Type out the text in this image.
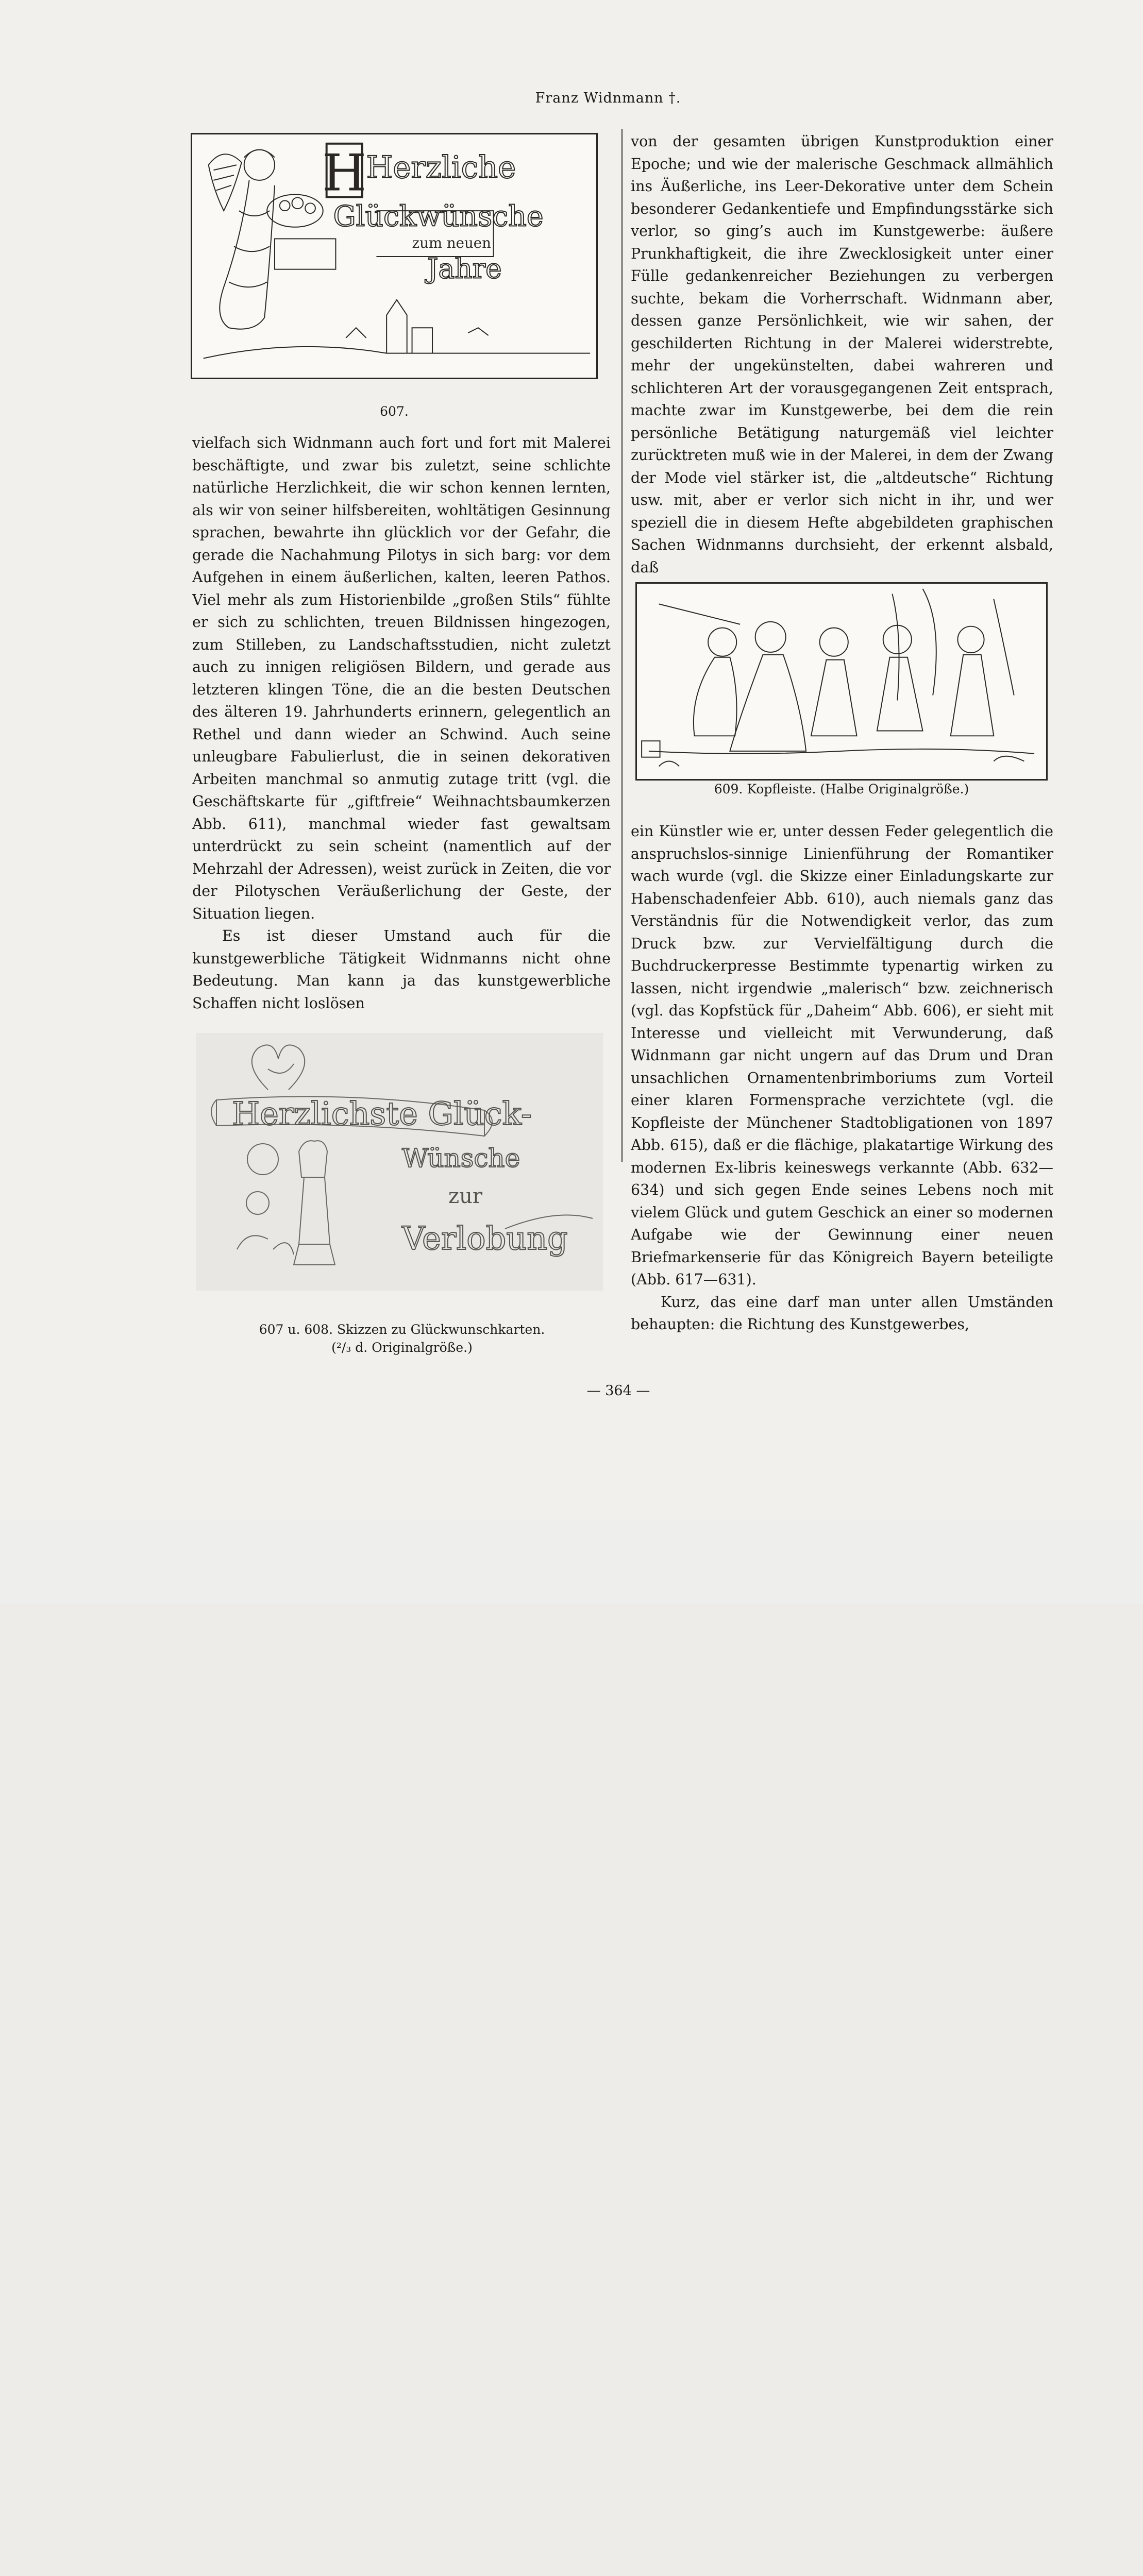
Franz Widnmann †.
H Herzliche
Glückwünsche
zum neuen
Jahre
607.

vielfach sich Widnmann auch fort und fort mit Malerei beschäftigte, und zwar bis zuletzt, seine schlichte natürliche Herzlichkeit, die wir schon kennen lernten, als wir von seiner hilfsbereiten, wohltätigen Gesinnung sprachen, bewahrte ihn glücklich vor der Gefahr, die gerade die Nachahmung Pilotys in sich barg: vor dem Aufgehen in einem äußerlichen, kalten, leeren Pathos. Viel mehr als zum Historienbilde „großen Stils“ fühlte er sich zu schlichten, treuen Bildnissen hingezogen, zum Stilleben, zu Landschaftsstudien, nicht zuletzt auch zu innigen religiösen Bildern, und gerade aus letzteren klingen Töne, die an die besten Deutschen des älteren 19. Jahrhunderts erinnern, gelegentlich an Rethel und dann wieder an Schwind. Auch seine unleugbare Fabulierlust, die in seinen dekorativen Arbeiten manchmal so anmutig zutage tritt (vgl. die Geschäftskarte für „giftfreie“ Weihnachtsbaumkerzen Abb. 611), manchmal wieder fast gewaltsam unterdrückt zu sein scheint (namentlich auf der Mehrzahl der Adressen), weist zurück in Zeiten, die vor der Pilotyschen Veräußerlichung der Geste, der Situation liegen.

Es ist dieser Umstand auch für die kunstgewerbliche Tätigkeit Widnmanns nicht ohne Bedeutung. Man kann ja das kunstgewerbliche Schaffen nicht loslösen

Herzlichste Glück-
Wünsche
zur
Verlobung
607 u. 608. Skizzen zu Glückwunschkarten.
(²/₃ d. Originalgröße.)

von der gesamten übrigen Kunstproduktion einer Epoche; und wie der malerische Geschmack allmählich ins Äußerliche, ins Leer-Dekorative unter dem Schein besonderer Gedankentiefe und Empfindungsstärke sich verlor, so ging’s auch im Kunstgewerbe: äußere Prunkhaftigkeit, die ihre Zwecklosigkeit unter einer Fülle gedankenreicher Beziehungen zu verbergen suchte, bekam die Vorherrschaft. Widnmann aber, dessen ganze Persönlichkeit, wie wir sahen, der geschilderten Richtung in der Malerei widerstrebte, mehr der ungekünstelten, dabei wahreren und schlichteren Art der vorausgegangenen Zeit entsprach, machte zwar im Kunstgewerbe, bei dem die rein persönliche Betätigung naturgemäß viel leichter zurücktreten muß wie in der Malerei, in dem der Zwang der Mode viel stärker ist, die „altdeutsche“ Richtung usw. mit, aber er verlor sich nicht in ihr, und wer speziell die in diesem Hefte abgebildeten graphischen Sachen Widnmanns durchsieht, der erkennt alsbald, daß

609. Kopfleiste. (Halbe Originalgröße.)

ein Künstler wie er, unter dessen Feder gelegentlich die anspruchslos-sinnige Linienführung der Romantiker wach wurde (vgl. die Skizze einer Einladungskarte zur Habenschadenfeier Abb. 610), auch niemals ganz das Verständnis für die Notwendigkeit verlor, das zum Druck bzw. zur Vervielfältigung durch die Buchdruckerpresse Bestimmte typenartig wirken zu lassen, nicht irgendwie „malerisch“ bzw. zeichnerisch (vgl. das Kopfstück für „Daheim“ Abb. 606), er sieht mit Interesse und vielleicht mit Verwunderung, daß Widnmann gar nicht ungern auf das Drum und Dran unsachlichen Ornamentenbrimboriums zum Vorteil einer klaren Formensprache verzichtete (vgl. die Kopfleiste der Münchener Stadtobligationen von 1897 Abb. 615), daß er die flächige, plakatartige Wirkung des modernen Ex-libris keineswegs verkannte (Abb. 632—634) und sich gegen Ende seines Lebens noch mit vielem Glück und gutem Geschick an einer so modernen Aufgabe wie der Gewinnung einer neuen Briefmarkenserie für das Königreich Bayern beteiligte (Abb. 617—631).

Kurz, das eine darf man unter allen Umständen behaupten: die Richtung des Kunstgewerbes,

— 364 —
